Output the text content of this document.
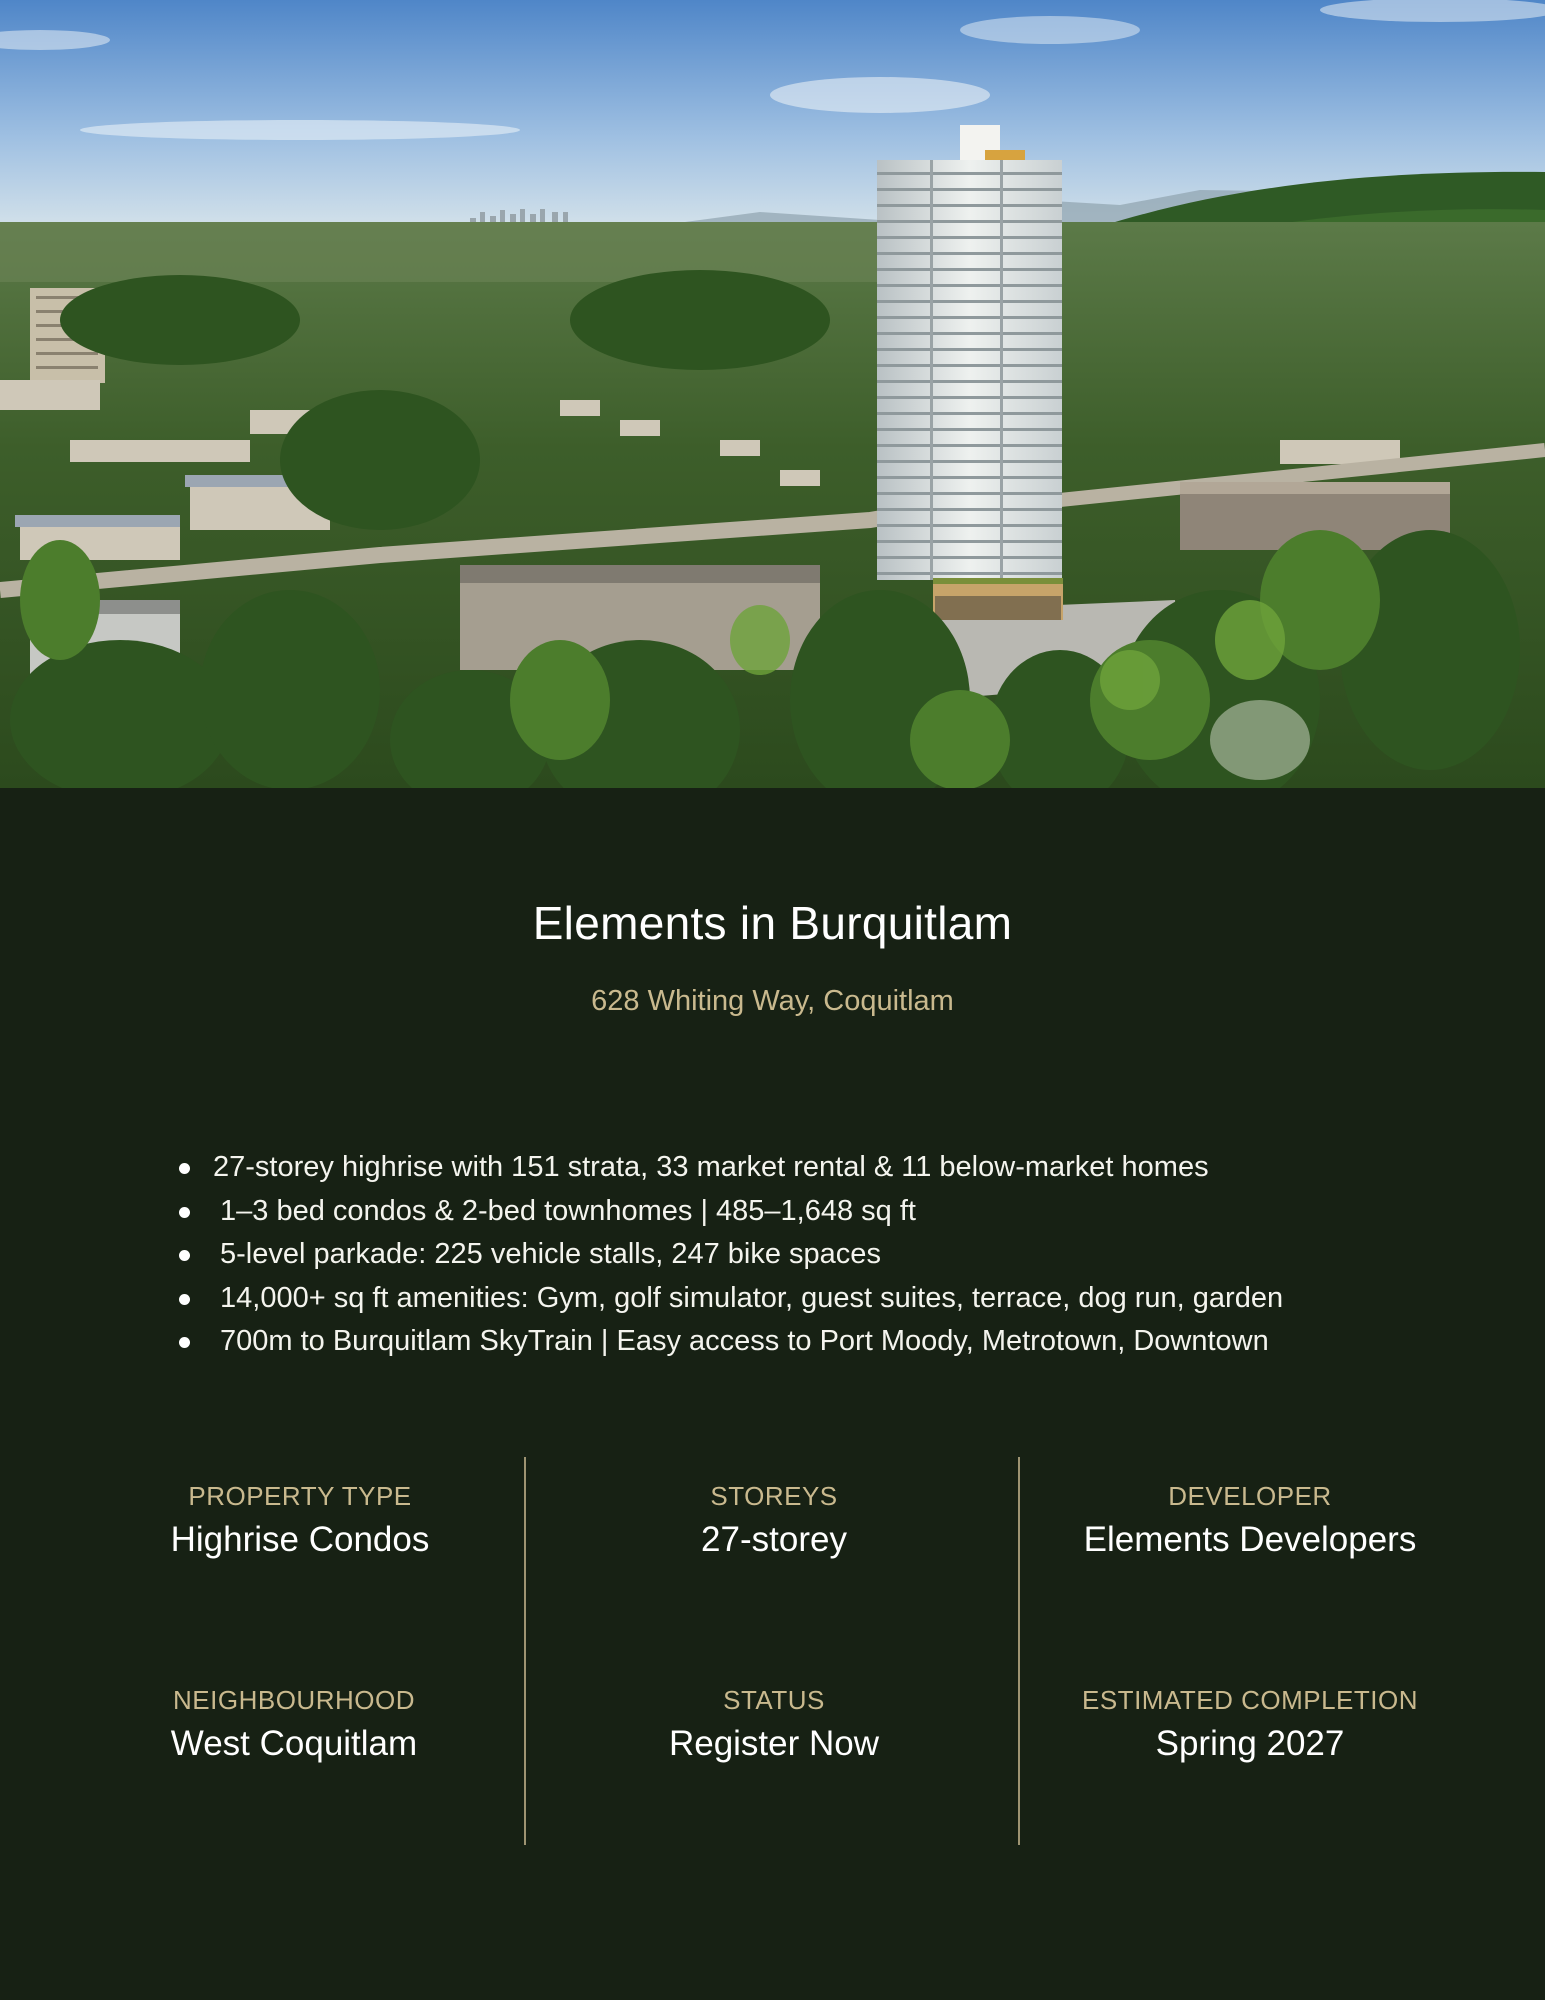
Elements in Burquitlam
628 Whiting Way, Coquitlam
27-storey highrise with 151 strata, 33 market rental & 11 below-market homes
1–3 bed condos & 2-bed townhomes | 485–1,648 sq ft
5-level parkade: 225 vehicle stalls, 247 bike spaces
14,000+ sq ft amenities: Gym, golf simulator, guest suites, terrace, dog run, garden
700m to Burquitlam SkyTrain | Easy access to Port Moody, Metrotown, Downtown
PROPERTY TYPE
Highrise Condos
STOREYS
27-storey
DEVELOPER
Elements Developers
NEIGHBOURHOOD
West Coquitlam
STATUS
Register Now
ESTIMATED COMPLETION
Spring 2027
